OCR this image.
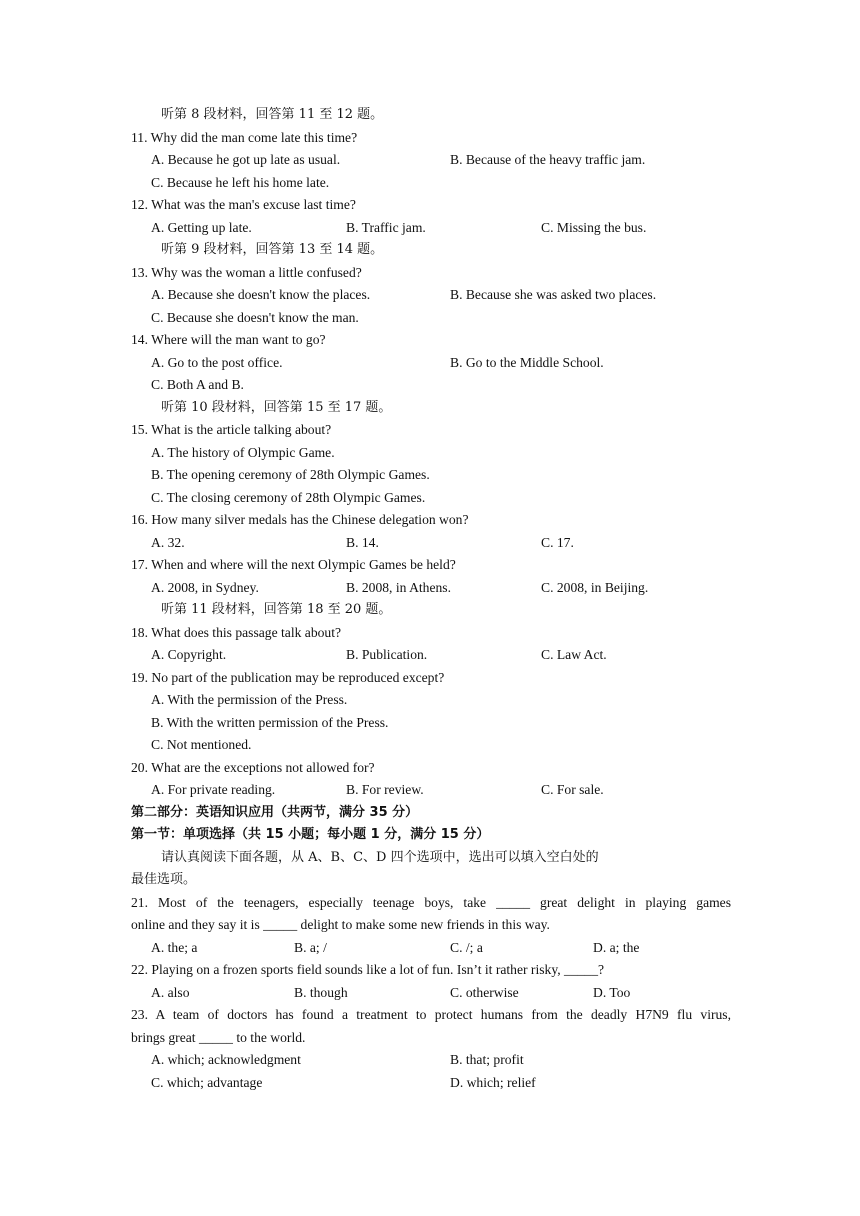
听第 8 段材料，回答第 11 至 12 题。
11. Why did the man come late this time?
A. Because he got up late as usual.	B. Because of the heavy traffic jam.
C. Because he left his home late.
12. What was the man's excuse last time?
A. Getting up late.	B. Traffic jam.	C. Missing the bus.
听第 9 段材料，回答第 13 至 14 题。
13. Why was the woman a little confused?
A. Because she doesn't know the places.	B. Because she was asked two places.
C. Because she doesn't know the man.
14. Where will the man want to go?
A. Go to the post office.	B. Go to the Middle School.
C. Both A and B.
听第 10 段材料，回答第 15 至 17 题。
15. What is the article talking about?
A. The history of Olympic Game.
B. The opening ceremony of 28th Olympic Games.
C. The closing ceremony of 28th Olympic Games.
16. How many silver medals has the Chinese delegation won?
A. 32.	B. 14.	C. 17.
17. When and where will the next Olympic Games be held?
A. 2008, in Sydney.	B. 2008, in Athens.	C. 2008, in Beijing.
听第 11 段材料，回答第 18 至 20 题。
18. What does this passage talk about?
A. Copyright.	B. Publication.	C. Law Act.
19. No part of the publication may be reproduced except?
A. With the permission of the Press.
B. With the written permission of the Press.
C. Not mentioned.
20. What are the exceptions not allowed for?
A. For private reading.	B. For review.	C. For sale.
第二部分：英语知识应用（共两节，满分 35 分）
第一节：单项选择（共 15 小题；每小题 1 分，满分 15 分）
请认真阅读下面各题，从 A、B、C、D 四个选项中，选出可以填入空白处的
最佳选项。
21. Most of the teenagers, especially teenage boys, take _____ great delight in playing games
online and they say it is _____ delight to make some new friends in this way.
A. the; a	B. a; /	C. /; a	D. a; the
22. Playing on a frozen sports field sounds like a lot of fun. Isn’t it rather risky, _____?
A. also	B. though	C. otherwise	D. Too
23. A team of doctors has found a treatment to protect humans from the deadly H7N9 flu virus,
brings great _____ to the world.
A. which; acknowledgment	B. that; profit
C. which; advantage	D. which; relief
